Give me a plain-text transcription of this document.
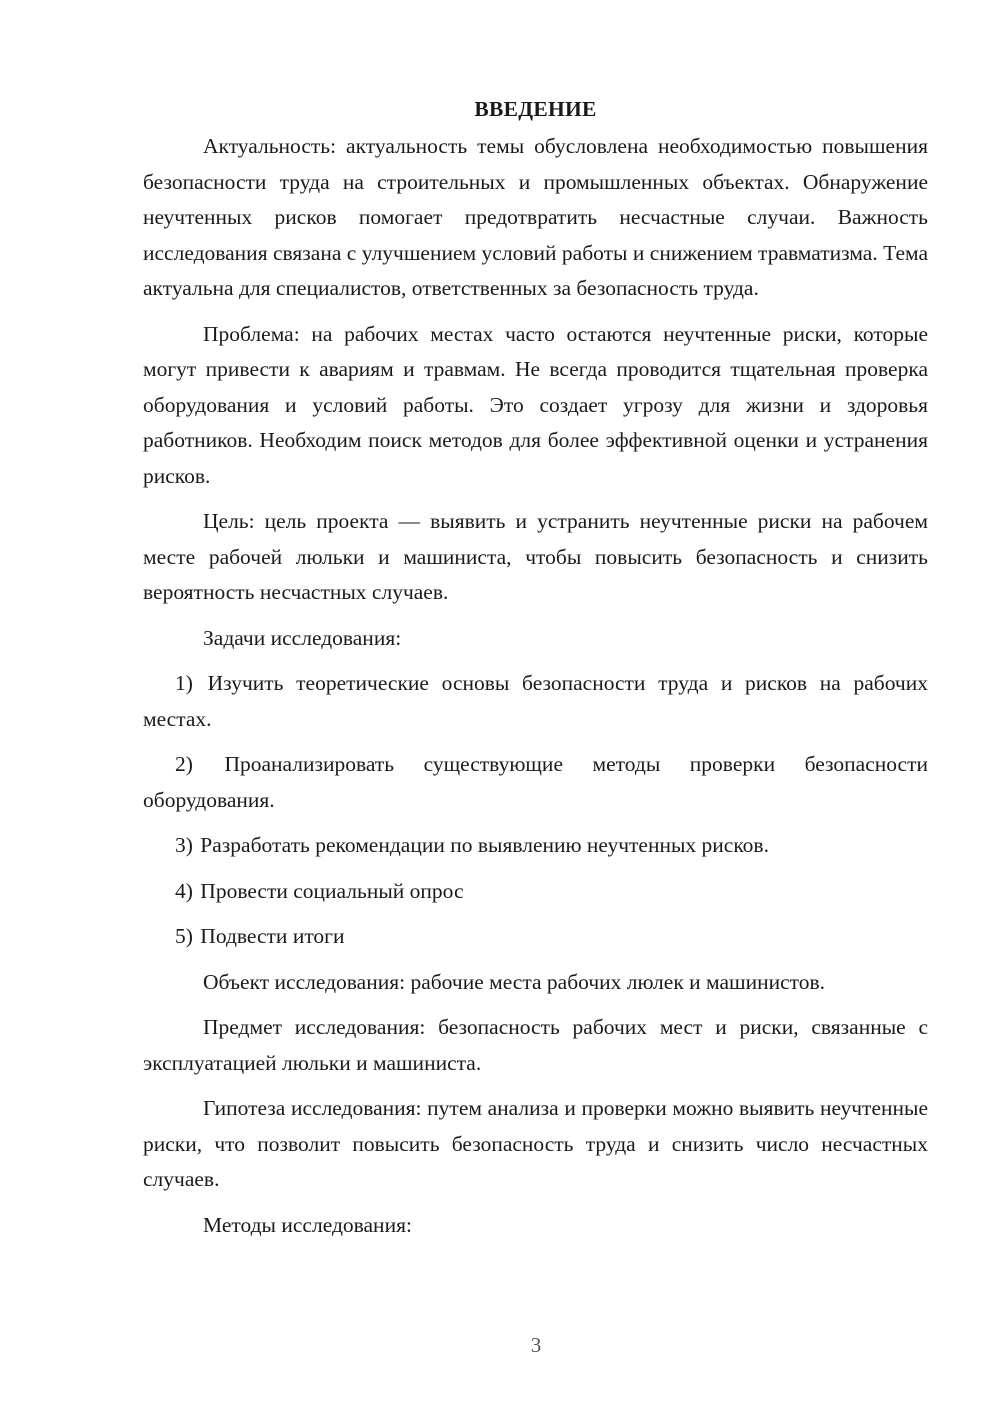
ВВЕДЕНИЕ

Актуальность: актуальность темы обусловлена необходимостью повышения безопасности труда на строительных и промышленных объектах. Обнаружение неучтенных рисков помогает предотвратить несчастные случаи. Важность исследования связана с улучшением условий работы и снижением травматизма. Тема актуальна для специалистов, ответственных за безопасность труда.

Проблема: на рабочих местах часто остаются неучтенные риски, которые могут привести к авариям и травмам. Не всегда проводится тщательная проверка оборудования и условий работы. Это создает угрозу для жизни и здоровья работников. Необходим поиск методов для более эффективной оценки и устранения рисков.

Цель: цель проекта — выявить и устранить неучтенные риски на рабочем месте рабочей люльки и машиниста, чтобы повысить безопасность и снизить вероятность несчастных случаев.

Задачи исследования:

1) Изучить теоретические основы безопасности труда и рисков на рабочих местах.

2) Проанализировать существующие методы проверки безопасности оборудования.

3) Разработать рекомендации по выявлению неучтенных рисков.

4) Провести социальный опрос

5) Подвести итоги

Объект исследования: рабочие места рабочих люлек и машинистов.

Предмет исследования: безопасность рабочих мест и риски, связанные с эксплуатацией люльки и машиниста.

Гипотеза исследования: путем анализа и проверки можно выявить неучтенные риски, что позволит повысить безопасность труда и снизить число несчастных случаев.

Методы исследования:

3
